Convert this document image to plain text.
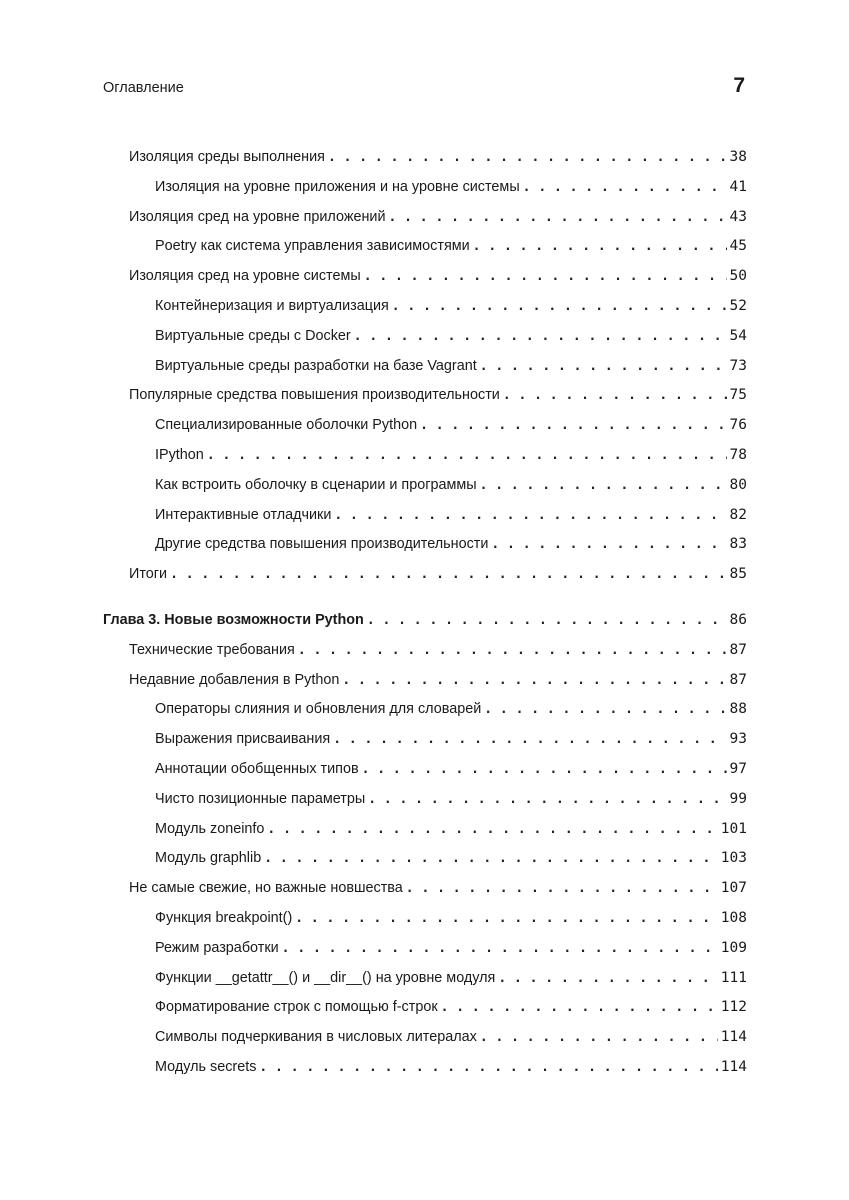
Оглавление	7
Изоляция среды выполнения . . .	38
Изоляция на уровне приложения и на уровне системы . . .	41
Изоляция сред на уровне приложений . . .	43
Poetry как система управления зависимостями . . .	45
Изоляция сред на уровне системы . . .	50
Контейнеризация и виртуализация . . .	52
Виртуальные среды с Docker . . .	54
Виртуальные среды разработки на базе Vagrant . . .	73
Популярные средства повышения производительности . . .	75
Специализированные оболочки Python . . .	76
IPython . . .	78
Как встроить оболочку в сценарии и программы . . .	80
Интерактивные отладчики . . .	82
Другие средства повышения производительности . . .	83
Итоги . . .	85
Глава 3. Новые возможности Python . . .	86
Технические требования . . .	87
Недавние добавления в Python . . .	87
Операторы слияния и обновления для словарей . . .	88
Выражения присваивания . . .	93
Аннотации обобщенных типов . . .	97
Чисто позиционные параметры . . .	99
Модуль zoneinfo . . .	101
Модуль graphlib . . .	103
Не самые свежие, но важные новшества . . .	107
Функция breakpoint() . . .	108
Режим разработки . . .	109
Функции __getattr__() и __dir__() на уровне модуля . . .	111
Форматирование строк с помощью f-строк . . .	112
Символы подчеркивания в числовых литералах . . .	114
Модуль secrets . . .	114
